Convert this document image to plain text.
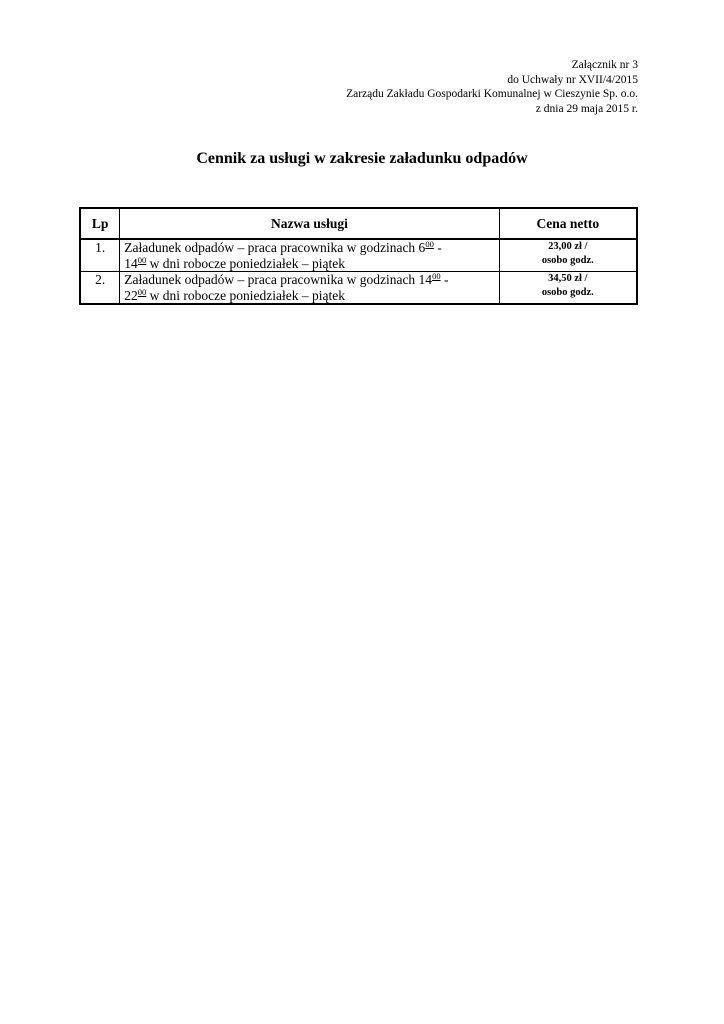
Załącznik nr 3
do Uchwały nr XVII/4/2015
Zarządu Zakładu Gospodarki Komunalnej w Cieszynie Sp. o.o.
z dnia 29 maja 2015 r.
Cennik za usługi w zakresie załadunku odpadów
Lp	Nazwa usługi	Cena netto
1.	Załadunek odpadów – praca pracownika w godzinach $6^{00}$ -
$14^{00}$ w dni robocze poniedziałek – piątek	23,00 zł /
osobo godz.

2.	Załadunek odpadów – praca pracownika w godzinach $14^{00}$ -
$22^{00}$ w dni robocze poniedziałek – piątek	34,50 zł /
osobo godz.
